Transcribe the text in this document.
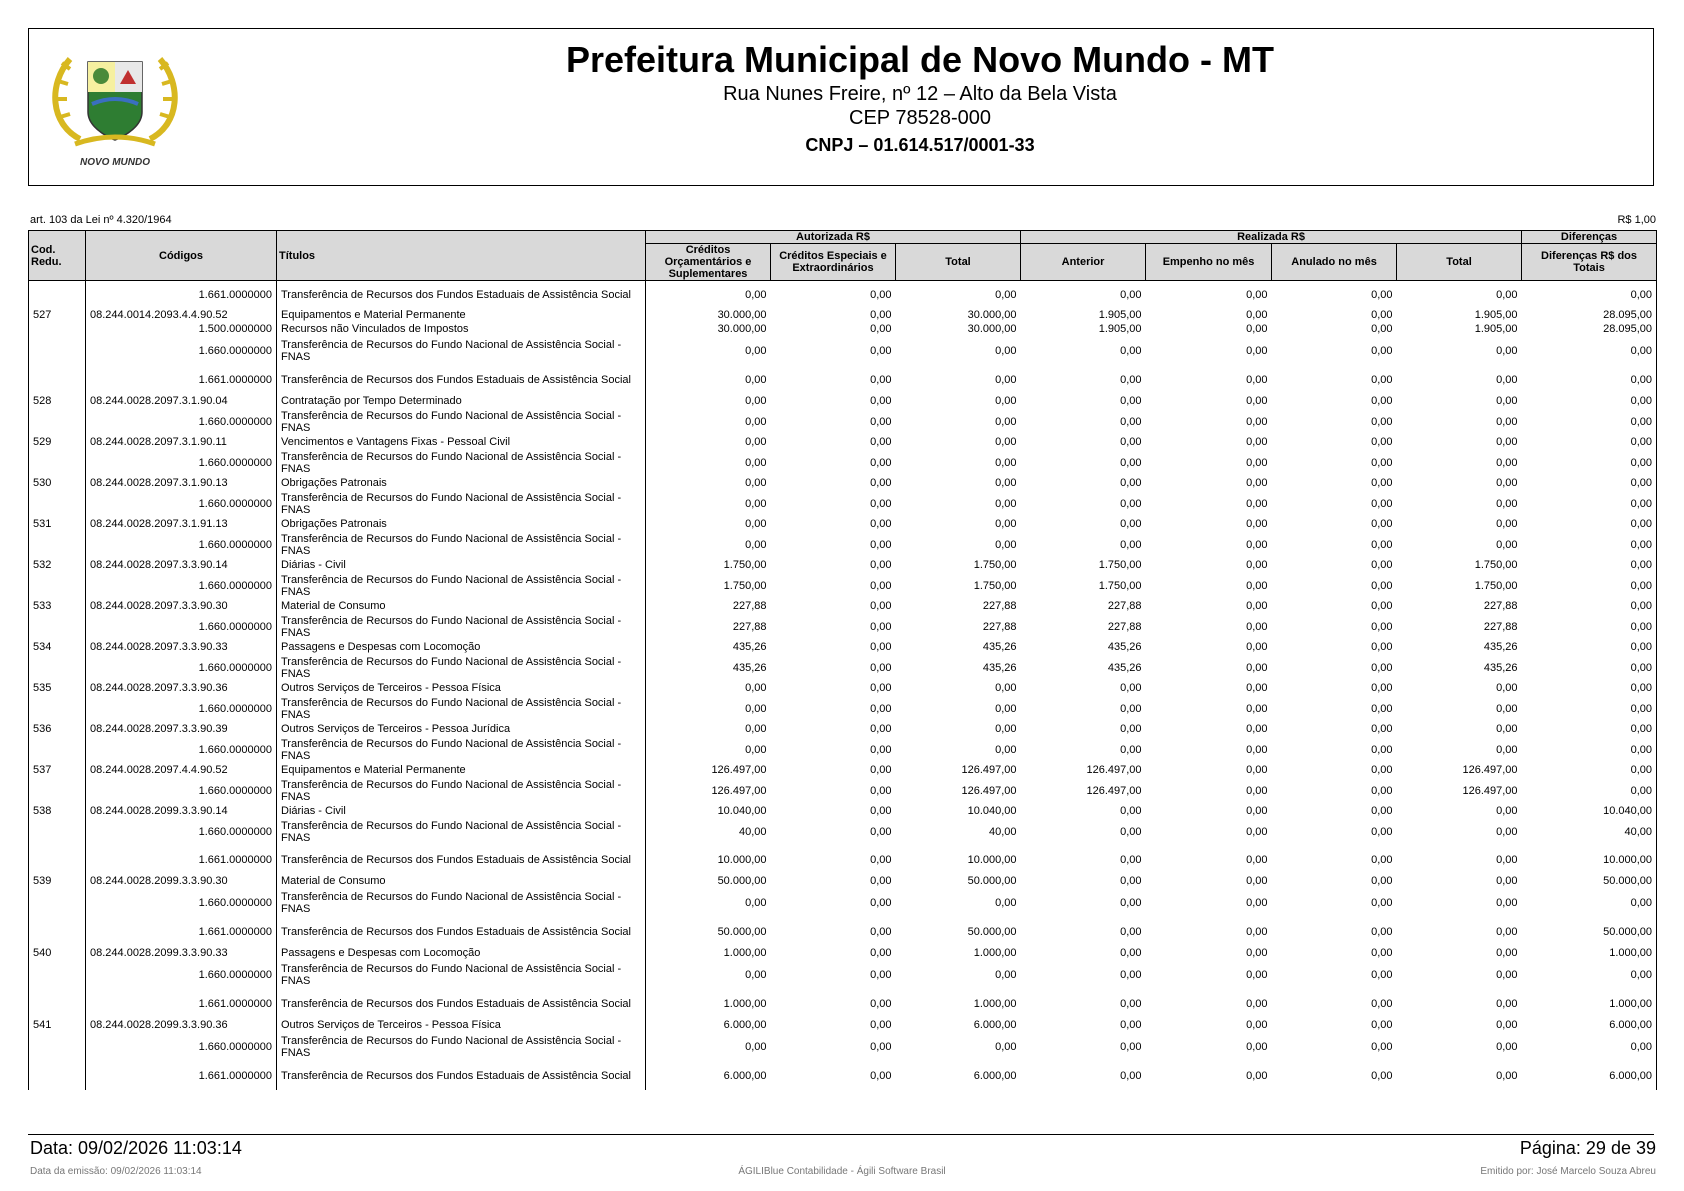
NOVO MUNDO
Prefeitura Municipal de Novo Mundo - MT
Rua Nunes Freire, nº 12 – Alto da Bela Vista
CEP 78528-000
CNPJ – 01.614.517/0001-33
art. 103 da Lei nº 4.320/1964	R$ 1,00
Cod. Redu.	Códigos	Títulos	Autorizada R$			Realizada R$				Diferenças
			Créditos Orçamentários e Suplementares	Créditos Especiais e Extraordinários	Total	Anterior	Empenho no mês	Anulado no mês	Total	Diferenças R$ dos Totais
	1.661.0000000	Transferência de Recursos dos Fundos Estaduais de Assistência Social	0,00	0,00	0,00	0,00	0,00	0,00	0,00	0,00
527	08.244.0014.2093.4.4.90.52	Equipamentos e Material Permanente	30.000,00	0,00	30.000,00	1.905,00	0,00	0,00	1.905,00	28.095,00
	1.500.0000000	Recursos não Vinculados de Impostos	30.000,00	0,00	30.000,00	1.905,00	0,00	0,00	1.905,00	28.095,00
	1.660.0000000	Transferência de Recursos do Fundo Nacional de Assistência Social - FNAS	0,00	0,00	0,00	0,00	0,00	0,00	0,00	0,00
	1.661.0000000	Transferência de Recursos dos Fundos Estaduais de Assistência Social	0,00	0,00	0,00	0,00	0,00	0,00	0,00	0,00
528	08.244.0028.2097.3.1.90.04	Contratação por Tempo Determinado	0,00	0,00	0,00	0,00	0,00	0,00	0,00	0,00
	1.660.0000000	Transferência de Recursos do Fundo Nacional de Assistência Social - FNAS	0,00	0,00	0,00	0,00	0,00	0,00	0,00	0,00
529	08.244.0028.2097.3.1.90.11	Vencimentos e Vantagens Fixas - Pessoal Civil	0,00	0,00	0,00	0,00	0,00	0,00	0,00	0,00
	1.660.0000000	Transferência de Recursos do Fundo Nacional de Assistência Social - FNAS	0,00	0,00	0,00	0,00	0,00	0,00	0,00	0,00
530	08.244.0028.2097.3.1.90.13	Obrigações Patronais	0,00	0,00	0,00	0,00	0,00	0,00	0,00	0,00
	1.660.0000000	Transferência de Recursos do Fundo Nacional de Assistência Social - FNAS	0,00	0,00	0,00	0,00	0,00	0,00	0,00	0,00
531	08.244.0028.2097.3.1.91.13	Obrigações Patronais	0,00	0,00	0,00	0,00	0,00	0,00	0,00	0,00
	1.660.0000000	Transferência de Recursos do Fundo Nacional de Assistência Social - FNAS	0,00	0,00	0,00	0,00	0,00	0,00	0,00	0,00
532	08.244.0028.2097.3.3.90.14	Diárias - Civil	1.750,00	0,00	1.750,00	1.750,00	0,00	0,00	1.750,00	0,00
	1.660.0000000	Transferência de Recursos do Fundo Nacional de Assistência Social - FNAS	1.750,00	0,00	1.750,00	1.750,00	0,00	0,00	1.750,00	0,00
533	08.244.0028.2097.3.3.90.30	Material de Consumo	227,88	0,00	227,88	227,88	0,00	0,00	227,88	0,00
	1.660.0000000	Transferência de Recursos do Fundo Nacional de Assistência Social - FNAS	227,88	0,00	227,88	227,88	0,00	0,00	227,88	0,00
534	08.244.0028.2097.3.3.90.33	Passagens e Despesas com Locomoção	435,26	0,00	435,26	435,26	0,00	0,00	435,26	0,00
	1.660.0000000	Transferência de Recursos do Fundo Nacional de Assistência Social - FNAS	435,26	0,00	435,26	435,26	0,00	0,00	435,26	0,00
535	08.244.0028.2097.3.3.90.36	Outros Serviços de Terceiros - Pessoa Física	0,00	0,00	0,00	0,00	0,00	0,00	0,00	0,00
	1.660.0000000	Transferência de Recursos do Fundo Nacional de Assistência Social - FNAS	0,00	0,00	0,00	0,00	0,00	0,00	0,00	0,00
536	08.244.0028.2097.3.3.90.39	Outros Serviços de Terceiros - Pessoa Jurídica	0,00	0,00	0,00	0,00	0,00	0,00	0,00	0,00
	1.660.0000000	Transferência de Recursos do Fundo Nacional de Assistência Social - FNAS	0,00	0,00	0,00	0,00	0,00	0,00	0,00	0,00
537	08.244.0028.2097.4.4.90.52	Equipamentos e Material Permanente	126.497,00	0,00	126.497,00	126.497,00	0,00	0,00	126.497,00	0,00
	1.660.0000000	Transferência de Recursos do Fundo Nacional de Assistência Social - FNAS	126.497,00	0,00	126.497,00	126.497,00	0,00	0,00	126.497,00	0,00
538	08.244.0028.2099.3.3.90.14	Diárias - Civil	10.040,00	0,00	10.040,00	0,00	0,00	0,00	0,00	10.040,00
	1.660.0000000	Transferência de Recursos do Fundo Nacional de Assistência Social - FNAS	40,00	0,00	40,00	0,00	0,00	0,00	0,00	40,00
	1.661.0000000	Transferência de Recursos dos Fundos Estaduais de Assistência Social	10.000,00	0,00	10.000,00	0,00	0,00	0,00	0,00	10.000,00
539	08.244.0028.2099.3.3.90.30	Material de Consumo	50.000,00	0,00	50.000,00	0,00	0,00	0,00	0,00	50.000,00
	1.660.0000000	Transferência de Recursos do Fundo Nacional de Assistência Social - FNAS	0,00	0,00	0,00	0,00	0,00	0,00	0,00	0,00
	1.661.0000000	Transferência de Recursos dos Fundos Estaduais de Assistência Social	50.000,00	0,00	50.000,00	0,00	0,00	0,00	0,00	50.000,00
540	08.244.0028.2099.3.3.90.33	Passagens e Despesas com Locomoção	1.000,00	0,00	1.000,00	0,00	0,00	0,00	0,00	1.000,00
	1.660.0000000	Transferência de Recursos do Fundo Nacional de Assistência Social - FNAS	0,00	0,00	0,00	0,00	0,00	0,00	0,00	0,00
	1.661.0000000	Transferência de Recursos dos Fundos Estaduais de Assistência Social	1.000,00	0,00	1.000,00	0,00	0,00	0,00	0,00	1.000,00
541	08.244.0028.2099.3.3.90.36	Outros Serviços de Terceiros - Pessoa Física	6.000,00	0,00	6.000,00	0,00	0,00	0,00	0,00	6.000,00
	1.660.0000000	Transferência de Recursos do Fundo Nacional de Assistência Social - FNAS	0,00	0,00	0,00	0,00	0,00	0,00	0,00	0,00
	1.661.0000000	Transferência de Recursos dos Fundos Estaduais de Assistência Social	6.000,00	0,00	6.000,00	0,00	0,00	0,00	0,00	6.000,00
Data: 09/02/2026 11:03:14	Página: 29 de 39
Data da emissão: 09/02/2026 11:03:14	ÁGILIBlue Contabilidade - Ágili Software Brasil	Emitido por: José Marcelo Souza Abreu
